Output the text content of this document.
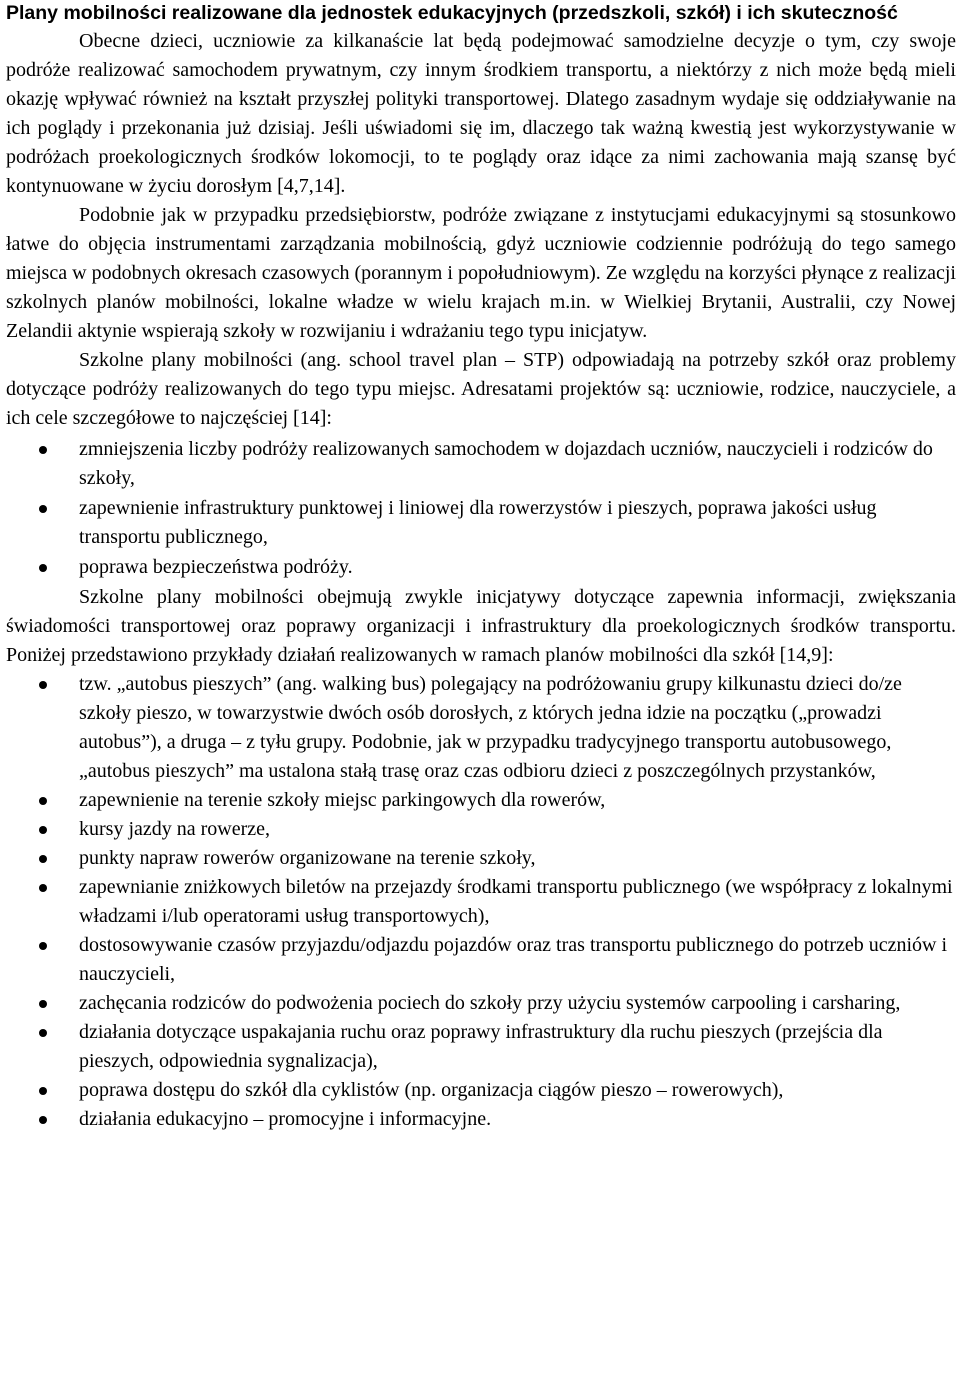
Plany mobilności realizowane dla jednostek edukacyjnych (przedszkoli, szkół) i ich skuteczność

Obecne dzieci, uczniowie za kilkanaście lat będą podejmować samodzielne decyzje o tym, czy swoje podróże realizować samochodem prywatnym, czy innym środkiem transportu, a niektórzy z nich może będą mieli okazję wpływać również na kształt przyszłej polityki transportowej. Dlatego zasadnym wydaje się oddziaływanie na ich poglądy i przekonania już dzisiaj. Jeśli uświadomi się im, dlaczego tak ważną kwestią jest wykorzystywanie w podróżach proekologicznych środków lokomocji, to te poglądy oraz idące za nimi zachowania mają szansę być kontynuowane w życiu dorosłym [4,7,14].

Podobnie jak w przypadku przedsiębiorstw, podróże związane z instytucjami edukacyjnymi są stosunkowo łatwe do objęcia instrumentami zarządzania mobilnością, gdyż uczniowie codziennie podróżują do tego samego miejsca w podobnych okresach czasowych (porannym i popołudniowym). Ze względu na korzyści płynące z realizacji szkolnych planów mobilności, lokalne władze w wielu krajach m.in. w Wielkiej Brytanii, Australii, czy Nowej Zelandii aktynie wspierają szkoły w rozwijaniu i wdrażaniu tego typu inicjatyw.

Szkolne plany mobilności (ang. school travel plan – STP) odpowiadają na potrzeby szkół oraz problemy dotyczące podróży realizowanych do tego typu miejsc. Adresatami projektów są: uczniowie, rodzice, nauczyciele, a ich cele szczegółowe to najczęściej [14]:

zmniejszenia liczby podróży realizowanych samochodem w dojazdach uczniów, nauczycieli i rodziców do szkoły,
zapewnienie infrastruktury punktowej i liniowej dla rowerzystów i pieszych, poprawa jakości usług transportu publicznego,
poprawa bezpieczeństwa podróży.

Szkolne plany mobilności obejmują zwykle inicjatywy dotyczące zapewnia informacji, zwiększania świadomości transportowej oraz poprawy organizacji i infrastruktury dla proekologicznych środków transportu. Poniżej przedstawiono przykłady działań realizowanych w ramach planów mobilności dla szkół [14,9]:

tzw. „autobus pieszych” (ang. walking bus) polegający na podróżowaniu grupy kilkunastu dzieci do/ze szkoły pieszo, w towarzystwie dwóch osób dorosłych, z których jedna idzie na początku („prowadzi autobus”), a druga – z tyłu grupy. Podobnie, jak w przypadku tradycyjnego transportu autobusowego, „autobus pieszych” ma ustalona stałą trasę oraz czas odbioru dzieci z poszczególnych przystanków,
zapewnienie na terenie szkoły miejsc parkingowych dla rowerów,
kursy jazdy na rowerze,
punkty napraw rowerów organizowane na terenie szkoły,
zapewnianie zniżkowych biletów na przejazdy środkami transportu publicznego (we współpracy z lokalnymi władzami i/lub operatorami usług transportowych),
dostosowywanie czasów przyjazdu/odjazdu pojazdów oraz tras transportu publicznego do potrzeb uczniów i nauczycieli,
zachęcania rodziców do podwożenia pociech do szkoły przy użyciu systemów carpooling i carsharing,
działania dotyczące uspakajania ruchu oraz poprawy infrastruktury dla ruchu pieszych (przejścia dla pieszych, odpowiednia sygnalizacja),
poprawa dostępu do szkół dla cyklistów (np. organizacja ciągów pieszo – rowerowych),
działania edukacyjno – promocyjne i informacyjne.
